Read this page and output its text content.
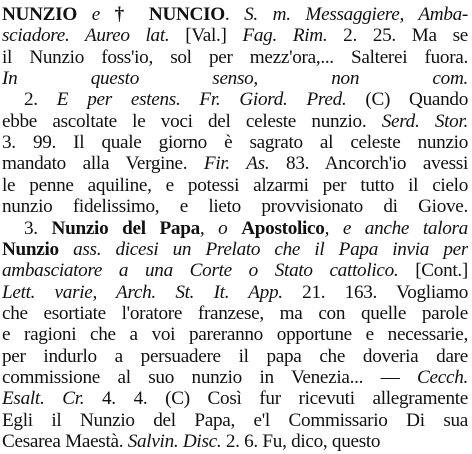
NUNZIO e † NUNCIO. S. m. Messaggiere, Amba-
sciadore. Aureo lat. [Val.] Fag. Rim. 2. 25. Ma se
il Nunzio foss'io, sol per mezz'ora,... Salterei fuora.
In questo senso, non com.
2. E per estens. Fr. Giord. Pred. (C) Quando
ebbe ascoltate le voci del celeste nunzio. Serd. Stor.
3. 99. Il quale giorno è sagrato al celeste nunzio
mandato alla Vergine. Fir. As. 83. Ancorch'io avessi
le penne aquiline, e potessi alzarmi per tutto il cielo
nunzio fidelissimo, e lieto provvisionato di Giove.
3. Nunzio del Papa, o Apostolico, e anche talora
Nunzio ass. dicesi un Prelato che il Papa invia per
ambasciatore a una Corte o Stato cattolico. [Cont.]
Lett. varie, Arch. St. It. App. 21. 163. Vogliamo
che esortiate l'oratore franzese, ma con quelle parole
e ragioni che a voi pareranno opportune e necessarie,
per indurlo a persuadere il papa che doveria dare
commissione al suo nunzio in Venezia... — Cecch.
Esalt. Cr. 4. 4. (C) Così fur ricevuti allegramente
Egli il Nunzio del Papa, e'l Commissario Di sua
Cesarea Maestà. Salvin. Disc. 2. 6. Fu, dico, questo
